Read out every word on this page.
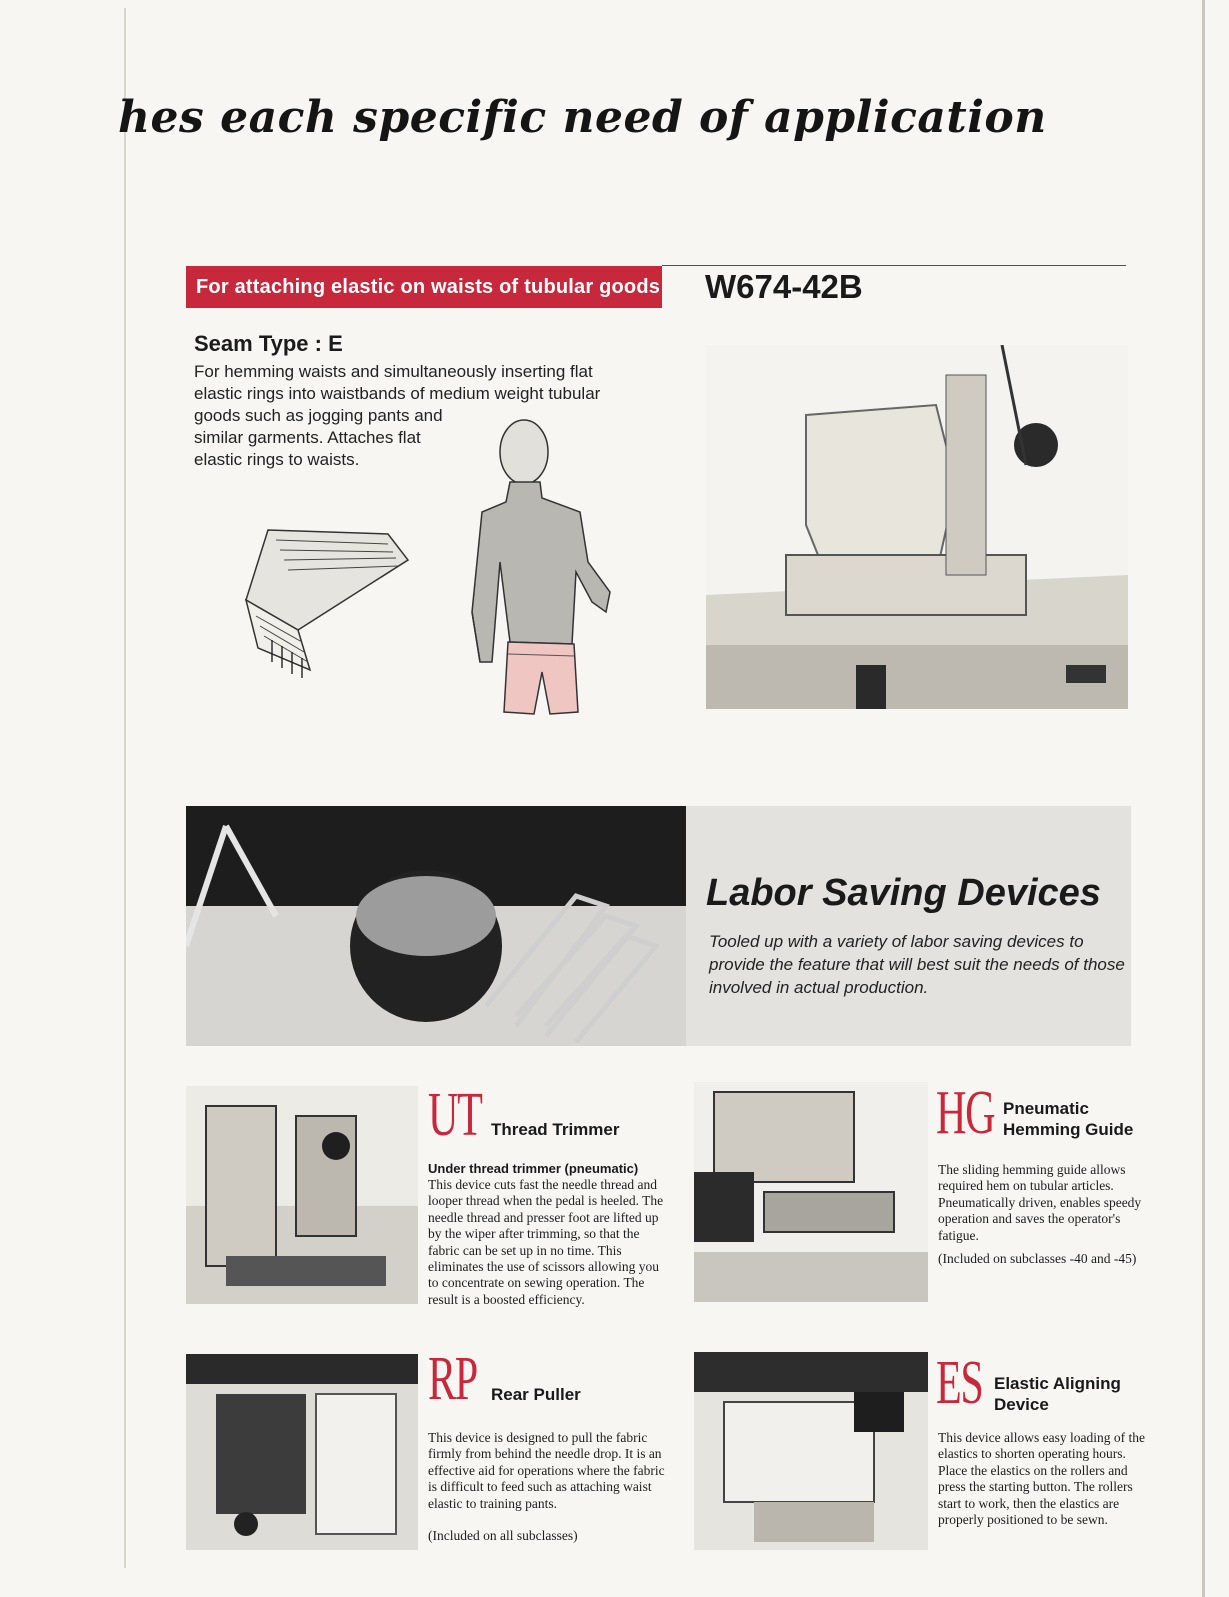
hes each specific need of application
For attaching elastic on waists of tubular goods W674-42B
Seam Type : E
For hemming waists and simultaneously inserting flat
elastic rings into waistbands of medium weight tubular
goods such as jogging pants and
similar garments. Attaches flat
elastic rings to waists.
Labor Saving Devices
Tooled up with a variety of labor saving devices to provide the feature that will best suit the needs of those involved in actual production.
UT Thread Trimmer
Under thread trimmer (pneumatic)
This device cuts fast the needle thread and looper thread when the pedal is heeled. The needle thread and presser foot are lifted up by the wiper after trimming, so that the fabric can be set up in no time. This eliminates the use of scissors allowing you to concentrate on sewing operation. The result is a boosted efficiency.
HG Pneumatic Hemming Guide
The sliding hemming guide allows required hem on tubular articles. Pneumatically driven, enables speedy operation and saves the operator's fatigue.
(Included on subclasses -40 and -45)
RP Rear Puller
This device is designed to pull the fabric firmly from behind the needle drop. It is an effective aid for operations where the fabric is difficult to feed such as attaching waist elastic to training pants.
(Included on all subclasses)
ES Elastic Aligning Device
This device allows easy loading of the elastics to shorten operating hours. Place the elastics on the rollers and press the starting button. The rollers start to work, then the elastics are properly positioned to be sewn.
